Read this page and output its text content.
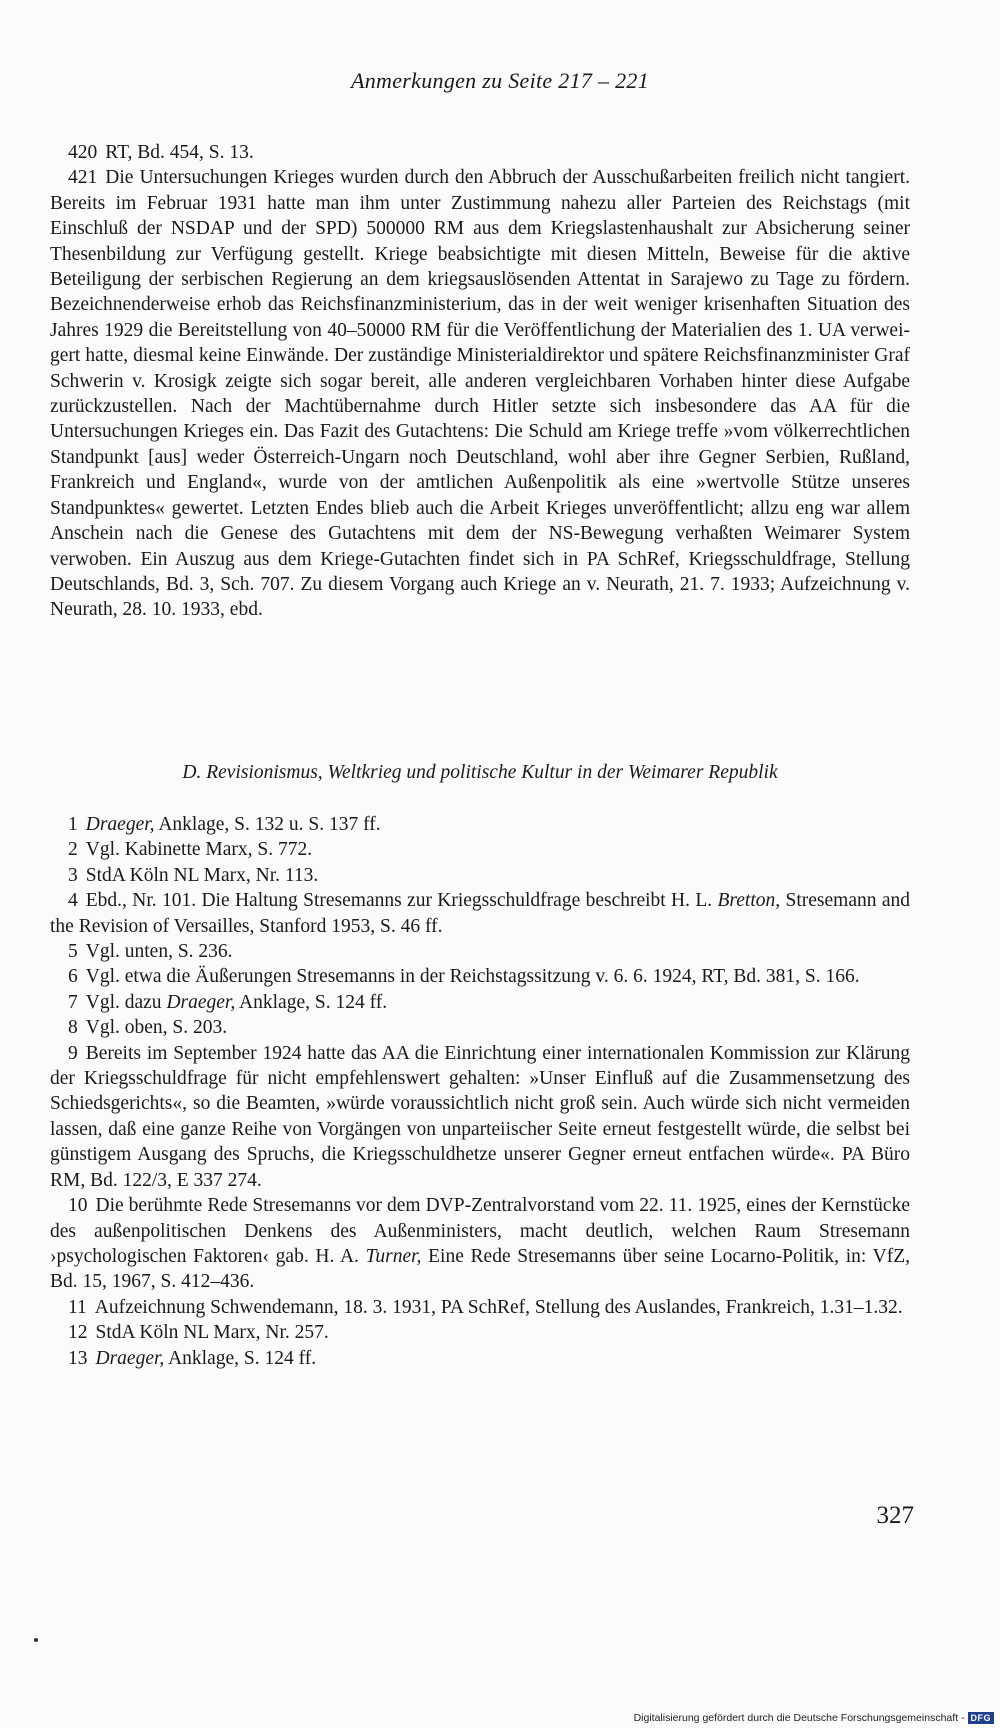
Anmerkungen zu Seite 217 – 221

420 RT, Bd. 454, S. 13.

421 Die Untersuchungen Krieges wurden durch den Abbruch der Ausschußarbeiten freilich nicht tangiert. Bereits im Februar 1931 hatte man ihm unter Zustimmung nahezu aller Parteien des Reichstags (mit Einschluß der NSDAP und der SPD) 500000 RM aus dem Kriegslastenhaushalt zur Absicherung seiner Thesenbildung zur Verfügung gestellt. Kriege beabsichtigte mit diesen Mitteln, Beweise für die aktive Beteiligung der serbischen Regierung an dem kriegsauslösenden Attentat in Sarajewo zu Tage zu fördern. Bezeichnenderweise erhob das Reichsfinanzministerium, das in der weit weniger krisenhaften Situation des Jahres 1929 die Bereitstellung von 40–50000 RM für die Veröffentlichung der Materialien des 1. UA verweigert hatte, diesmal keine Einwände. Der zuständige Ministerialdirektor und spätere Reichsfinanzminister Graf Schwerin v. Krosigk zeigte sich sogar bereit, alle anderen vergleichbaren Vorhaben hinter diese Aufgabe zurückzustellen. Nach der Machtübernahme durch Hitler setzte sich insbesondere das AA für die Untersuchungen Krieges ein. Das Fazit des Gutachtens: Die Schuld am Kriege treffe »vom völkerrechtlichen Standpunkt [aus] weder Österreich-Ungarn noch Deutschland, wohl aber ihre Gegner Serbien, Rußland, Frankreich und England«, wurde von der amtlichen Außenpolitik als eine »wertvolle Stütze unseres Standpunktes« gewertet. Letzten Endes blieb auch die Arbeit Krieges unveröffentlicht; allzu eng war allem Anschein nach die Genese des Gutachtens mit dem der NS-Bewegung verhaßten Weimarer System verwoben. Ein Auszug aus dem Kriege-Gutachten findet sich in PA SchRef, Kriegsschuldfrage, Stellung Deutschlands, Bd. 3, Sch. 707. Zu diesem Vorgang auch Kriege an v. Neurath, 21. 7. 1933; Aufzeichnung v. Neurath, 28. 10. 1933, ebd.

D. Revisionismus, Weltkrieg und politische Kultur in der Weimarer Republik

1 Draeger, Anklage, S. 132 u. S. 137 ff.

2 Vgl. Kabinette Marx, S. 772.

3 StdA Köln NL Marx, Nr. 113.

4 Ebd., Nr. 101. Die Haltung Stresemanns zur Kriegsschuldfrage beschreibt H. L. Bretton, Stresemann and the Revision of Versailles, Stanford 1953, S. 46 ff.

5 Vgl. unten, S. 236.

6 Vgl. etwa die Äußerungen Stresemanns in der Reichstagssitzung v. 6. 6. 1924, RT, Bd. 381, S. 166.

7 Vgl. dazu Draeger, Anklage, S. 124 ff.

8 Vgl. oben, S. 203.

9 Bereits im September 1924 hatte das AA die Einrichtung einer internationalen Kommission zur Klärung der Kriegsschuldfrage für nicht empfehlenswert gehalten: »Unser Einfluß auf die Zusammensetzung des Schiedsgerichts«, so die Beamten, »würde voraussichtlich nicht groß sein. Auch würde sich nicht vermeiden lassen, daß eine ganze Reihe von Vorgängen von unparteiischer Seite erneut festgestellt würde, die selbst bei günstigem Ausgang des Spruchs, die Kriegsschuldhetze unserer Gegner erneut entfachen würde«. PA Büro RM, Bd. 122/3, E 337 274.

10 Die berühmte Rede Stresemanns vor dem DVP-Zentralvorstand vom 22. 11. 1925, eines der Kernstücke des außenpolitischen Denkens des Außenministers, macht deutlich, welchen Raum Stresemann ›psychologischen Faktoren‹ gab. H. A. Turner, Eine Rede Stresemanns über seine Locarno-Politik, in: VfZ, Bd. 15, 1967, S. 412–436.

11 Aufzeichnung Schwendemann, 18. 3. 1931, PA SchRef, Stellung des Auslandes, Frankreich, 1.31–1.32.

12 StdA Köln NL Marx, Nr. 257.

13 Draeger, Anklage, S. 124 ff.

327
Digitalisierung gefördert durch die Deutsche Forschungsgemeinschaft - DFG
